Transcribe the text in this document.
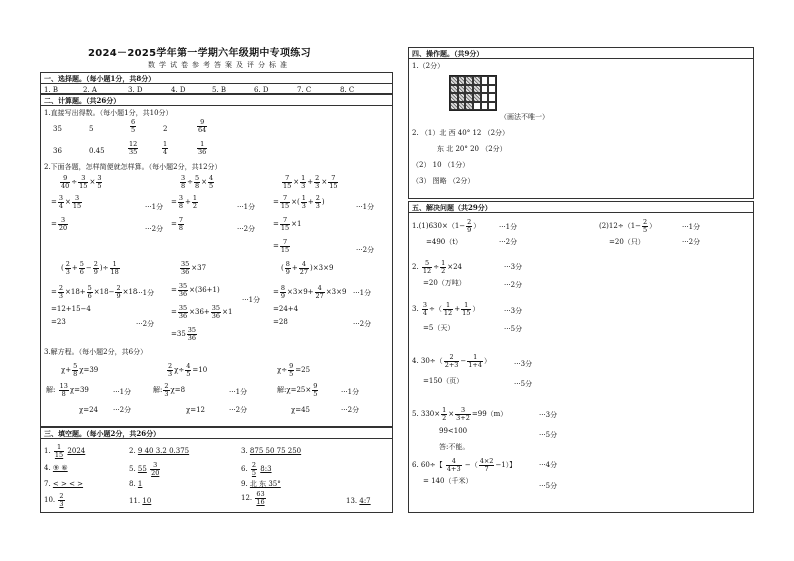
2024－2025学年第一学期六年级期中专项练习
数学试卷参考答案及评分标准
一、选择题。（每小题1分，共8分）
1. B	2. A	3. D	4. D	5. B	6. D	7. C	8. C
二、计算题。（共26分）
1.直接写出得数。（每小题1分，共10分）
35	5	$\frac{6}{5}$	2	$\frac{9}{64}$
36	0.45	$\frac{12}{35}$	$\frac{1}{4}$	$\frac{1}{36}$
2.下面各题，怎样简便就怎样算。（每小题2分，共12分）
$\frac{9}{40} \div \frac{3}{15} \times \frac{3}{5}$
= $\frac{3}{4} \times \frac{3}{15}$
= $\frac{3}{20}$
···1分
···2分
$\frac{3}{8} \div \frac{5}{8} \times \frac{4}{5}$
= $\frac{3}{8} + \frac{1}{2}$
= $\frac{7}{8}$
···1分
···2分
$\frac{7}{15} \times \frac{1}{3} + \frac{2}{3} \times \frac{7}{15}$
= $\frac{7}{15}$ ×( $\frac{1}{3} + \frac{2}{3}$ )
= $\frac{7}{15} \times 1$
= $\frac{7}{15}$
···1分
···2分
( $\frac{2}{3} + \frac{5}{6} - \frac{2}{9}$ )÷ $\frac{1}{18}$
= $\frac{2}{3} \times 18+ \frac{5}{6} \times 18- \frac{2}{9} \times 18$
=12+15−4
=23
···1分
···2分
$\frac{35}{36} \times 37$
= $\frac{35}{36} \times(36+1)$
= $\frac{35}{36} \times 36+ \frac{35}{36} \times 1$
$=35 \frac{35}{36}$
···1分
( $\frac{8}{9} + \frac{4}{27} )\times 3\times 9$
= $\frac{8}{9} \times 3\times 9+ \frac{4}{27} \times 3\times 9$
=24+4
=28
···1分
···2分
3.解方程。（每小题2分，共6分）
$\chi+ \frac{5}{8} \chi=39$
解: $\frac{13}{8} \chi=39$
χ=24
···1分
···2分
$\frac{2}{3} \chi\div \frac{4}{5} =10$
解: $\frac{2}{3} \chi=8$
χ=12
···1分
···2分
$\chi\div \frac{9}{5} =25$
解:χ=25× $\frac{9}{5}$
χ=45
···1分
···2分
三、填空题。（每小题2分，共26分）
1. $\frac{1}{15} 2024$	2. 9 40 3.2 0.375	3. 875 50 75 250
4. ⑨ ⑥	5. $55 \frac{3}{20}$	6. $\frac{2}{5}$ 8:3
7. < > < >	8. 1	9. 北 东 35°
10. $\frac{2}{3}$	11. 10	12. $\frac{63}{16}$	13. 4:7
四、操作题。（共9分）
1.（2分）
（画法不唯一）
2. （1）北 西 40° 12 （2分）
东 北 20° 20 （2分）
（2） 10 （1分）
（3） 图略 （2分）
五、解决问题（共29分）
$1.(1)630\times(1- \frac{2}{9}$ ）	···1分
=490（t）	···2分
$(2)12\div(1- \frac{2}{5}$ ）	···1分
=20（只）	···2分
2. $\frac{5}{12} \div \frac{1}{2} \times 24$	···3分
=20（万吨）	···2分
3. $\frac{3}{4}$ ÷（ $\frac{1}{12} + \frac{1}{15}$ ）	···3分
=5（天）	···5分
4. $30\div( \frac{2}{2+3} - \frac{1}{1+4}$ ）	···3分
=150（页）	···5分
5. $330\times \frac{1}{2} \times \frac{3}{3+2} =99(m)$	···3分
99<100	···5分
答:不能。
6. 60÷【 $\frac{4}{4+3}$ −（ $\frac{4\times 2}{7} -1$）】	···4分
= 140（千米）
···5分
